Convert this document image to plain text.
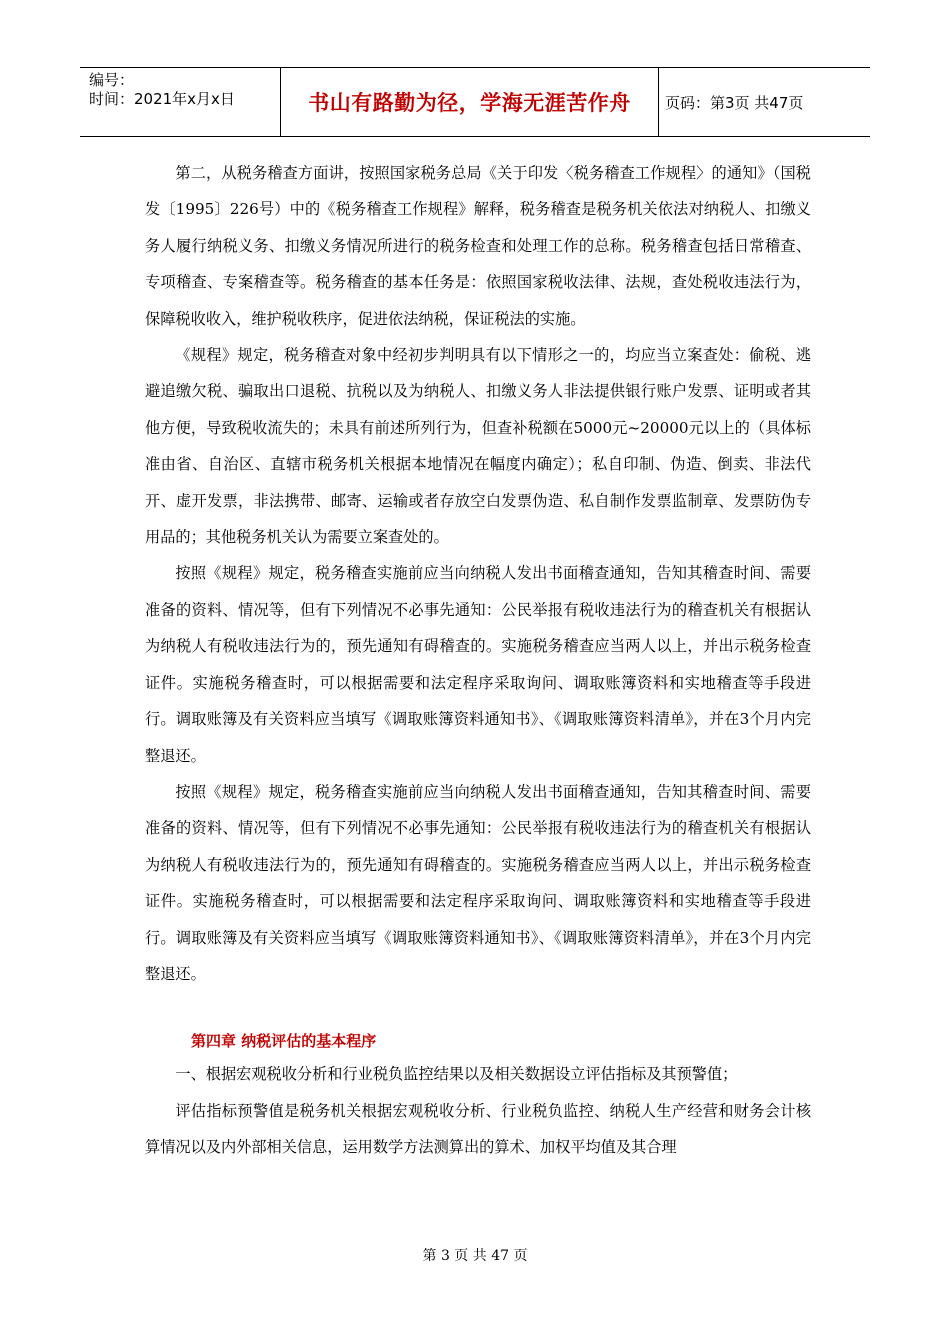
编号：
时间：2021年x月x日	书山有路勤为径，学海无涯苦作舟	页码：第3页 共47页

第二，从税务稽查方面讲，按照国家税务总局《关于印发〈税务稽查工作规程〉的通知》（国税发〔1995〕226号）中的《税务稽查工作规程》解释，税务稽查是税务机关依法对纳税人、扣缴义务人履行纳税义务、扣缴义务情况所进行的税务检查和处理工作的总称。税务稽查包括日常稽查、专项稽查、专案稽查等。税务稽查的基本任务是：依照国家税收法律、法规，查处税收违法行为，保障税收收入，维护税收秩序，促进依法纳税，保证税法的实施。

《规程》规定，税务稽查对象中经初步判明具有以下情形之一的，均应当立案查处：偷税、逃避追缴欠税、骗取出口退税、抗税以及为纳税人、扣缴义务人非法提供银行账户发票、证明或者其他方便，导致税收流失的；未具有前述所列行为，但查补税额在5000元~20000元以上的（具体标准由省、自治区、直辖市税务机关根据本地情况在幅度内确定）；私自印制、伪造、倒卖、非法代开、虚开发票，非法携带、邮寄、运输或者存放空白发票伪造、私自制作发票监制章、发票防伪专用品的；其他税务机关认为需要立案查处的。

按照《规程》规定，税务稽查实施前应当向纳税人发出书面稽查通知，告知其稽查时间、需要准备的资料、情况等，但有下列情况不必事先通知：公民举报有税收违法行为的稽查机关有根据认为纳税人有税收违法行为的，预先通知有碍稽查的。实施税务稽查应当两人以上，并出示税务检查证件。实施税务稽查时，可以根据需要和法定程序采取询问、调取账簿资料和实地稽查等手段进行。调取账簿及有关资料应当填写《调取账簿资料通知书》、《调取账簿资料清单》，并在3个月内完整退还。

按照《规程》规定，税务稽查实施前应当向纳税人发出书面稽查通知，告知其稽查时间、需要准备的资料、情况等，但有下列情况不必事先通知：公民举报有税收违法行为的稽查机关有根据认为纳税人有税收违法行为的，预先通知有碍稽查的。实施税务稽查应当两人以上，并出示税务检查证件。实施税务稽查时，可以根据需要和法定程序采取询问、调取账簿资料和实地稽查等手段进行。调取账簿及有关资料应当填写《调取账簿资料通知书》、《调取账簿资料清单》，并在3个月内完整退还。

第四章 纳税评估的基本程序

一、根据宏观税收分析和行业税负监控结果以及相关数据设立评估指标及其预警值；

评估指标预警值是税务机关根据宏观税收分析、行业税负监控、纳税人生产经营和财务会计核算情况以及内外部相关信息，运用数学方法测算出的算术、加权平均值及其合理

第 3 页 共 47 页
